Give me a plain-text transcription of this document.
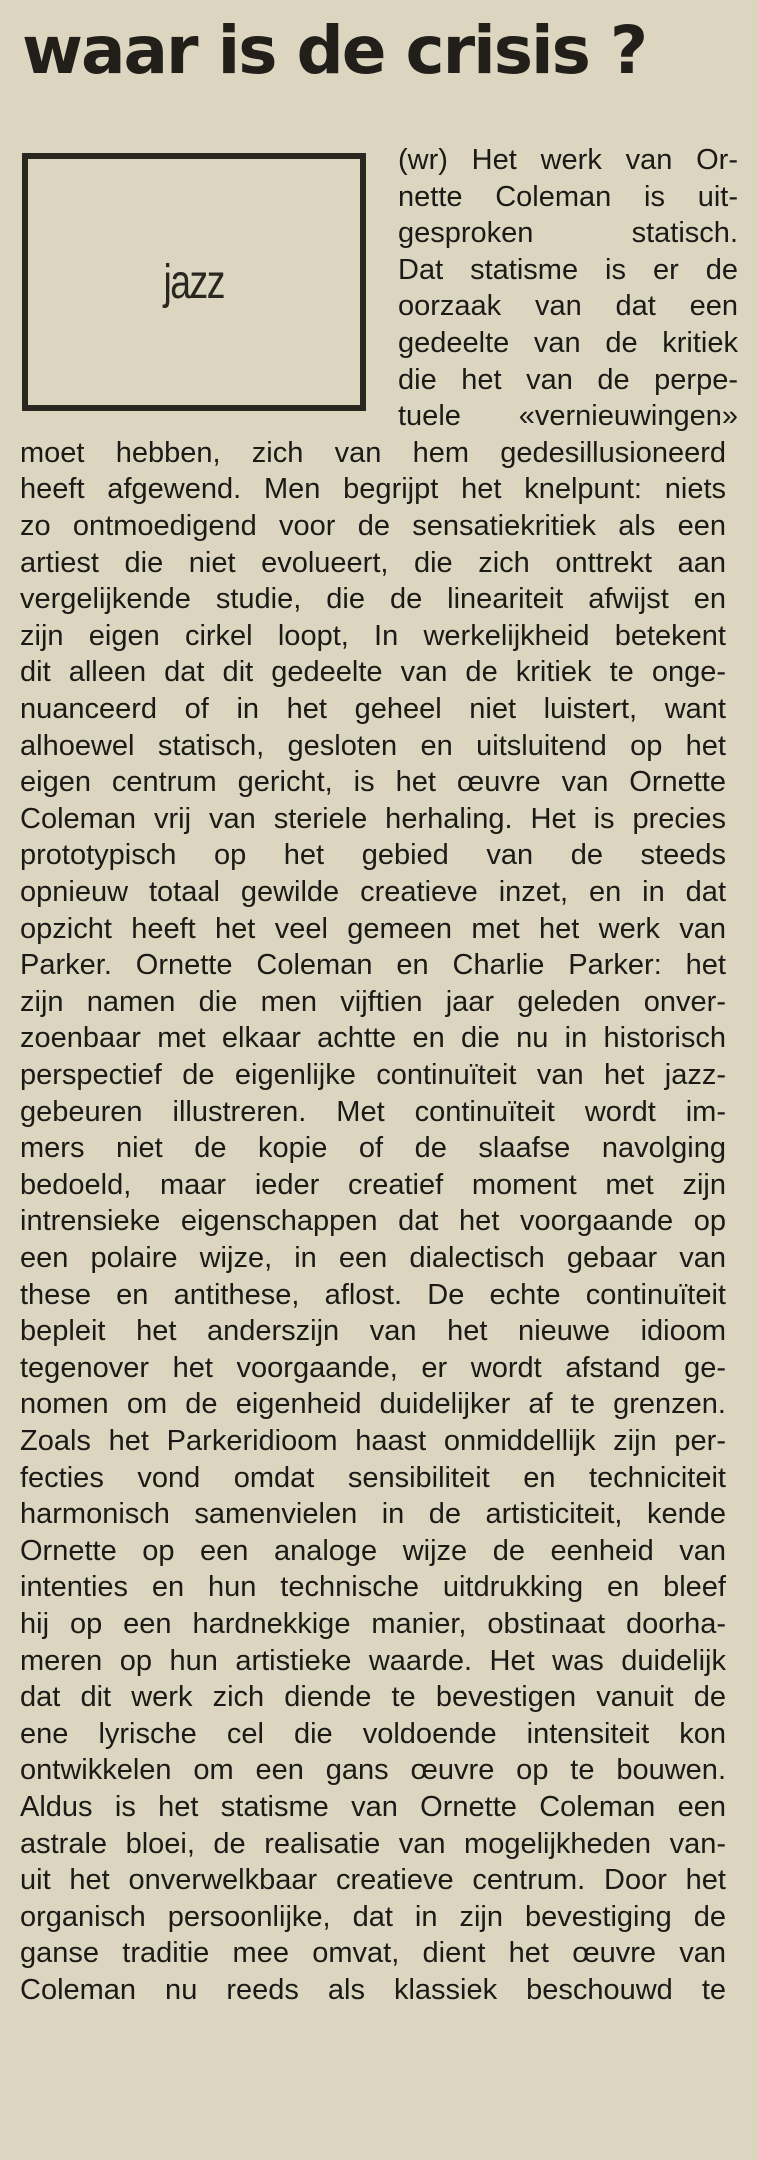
waar is de crisis ?
jazz
(wr) Het werk van Or-
nette Coleman is uit-
gesproken statisch.
Dat statisme is er de
oorzaak van dat een
gedeelte van de kritiek
die het van de perpe-
tuele «vernieuwingen»
moet hebben, zich van hem gedesillusioneerd
heeft afgewend. Men begrijpt het knelpunt: niets
zo ontmoedigend voor de sensatiekritiek als een
artiest die niet evolueert, die zich onttrekt aan
vergelijkende studie, die de lineariteit afwijst en
zijn eigen cirkel loopt, In werkelijkheid betekent
dit alleen dat dit gedeelte van de kritiek te onge-
nuanceerd of in het geheel niet luistert, want
alhoewel statisch, gesloten en uitsluitend op het
eigen centrum gericht, is het œuvre van Ornette
Coleman vrij van steriele herhaling. Het is precies
prototypisch op het gebied van de steeds
opnieuw totaal gewilde creatieve inzet, en in dat
opzicht heeft het veel gemeen met het werk van
Parker. Ornette Coleman en Charlie Parker: het
zijn namen die men vijftien jaar geleden onver-
zoenbaar met elkaar achtte en die nu in historisch
perspectief de eigenlijke continuïteit van het jazz-
gebeuren illustreren. Met continuïteit wordt im-
mers niet de kopie of de slaafse navolging
bedoeld, maar ieder creatief moment met zijn
intrensieke eigenschappen dat het voorgaande op
een polaire wijze, in een dialectisch gebaar van
these en antithese, aflost. De echte continuïteit
bepleit het anderszijn van het nieuwe idioom
tegenover het voorgaande, er wordt afstand ge-
nomen om de eigenheid duidelijker af te grenzen.
Zoals het Parkeridioom haast onmiddellijk zijn per-
fecties vond omdat sensibiliteit en techniciteit
harmonisch samenvielen in de artisticiteit, kende
Ornette op een analoge wijze de eenheid van
intenties en hun technische uitdrukking en bleef
hij op een hardnekkige manier, obstinaat doorha-
meren op hun artistieke waarde. Het was duidelijk
dat dit werk zich diende te bevestigen vanuit de
ene lyrische cel die voldoende intensiteit kon
ontwikkelen om een gans œuvre op te bouwen.
Aldus is het statisme van Ornette Coleman een
astrale bloei, de realisatie van mogelijkheden van-
uit het onverwelkbaar creatieve centrum. Door het
organisch persoonlijke, dat in zijn bevestiging de
ganse traditie mee omvat, dient het œuvre van
Coleman nu reeds als klassiek beschouwd te
